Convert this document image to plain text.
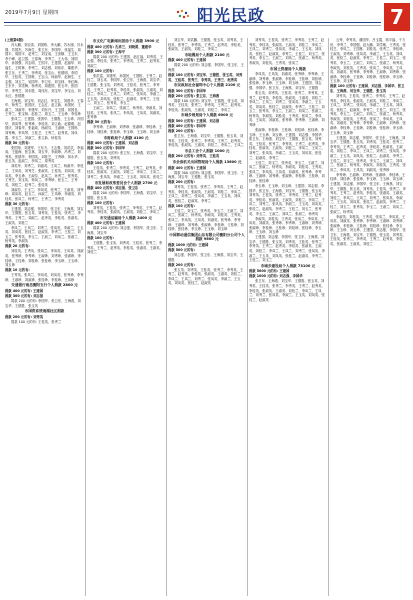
2019年7月9日 星期四	阳光民政	7

(上接第6版)

冯大鹏、刘臣喜、刘国栋、李大鹏、苏永刚、苏永强、苏国杰、苏海生、张卫东、李国华、张福生、周国平、周国平、赵秀兰、刘宝成、王喜顺、王卫东、李子峰、赵卫国、王春海、李秀兰、王大伟、刘国华、孙国强、冯志明、王国平、王建国、赵丽华、刘福生、王树林、李秀兰、刘志强、刘伟东、董建华、张卫东、王秀兰、李秀英、张宝山、张德明、李国华、王桂英、王国栋、王宝山、杨丽华、赵海生、王志强、刘玉兰、吴国华、李卫东、刘宝林、李红梅、王东升、刘雪梅、杨秀英、周建国、张玉华、张国华、李秀芝、刘永胜、周伟东、刘宝华、李宝山、刘永红、张德胜

王海燕、刘宝华、刘志红、李宝生、刘建华、王春华、杨秀兰、张国庆、王志红、赵立新、孙国民、王淑兰、刘淑华、李建华、刘东升、王卫国、刘国良、王秀兰、张宝林、赵桂兰、周玉兰、王玉珍、李桂珍

张凤兰、王建国、张国华、王德胜、王玉珍、冯国华、刘凤琴、张秀珍、李桂英、刘立新、赵德明、赵国庆、刘春华、张福成、杨淑芬、王淑珍、王国栋、刘秀梅、李凤琴、王桂芝、王秀兰、赵秀英、刘凤霞、李玉兰、刘淑兰、张立新、杨桂英

捐款 50 元的有:

张国荣、刘建军、王东方、王志强、刘洪武、李福成、王振海、张宝林、刘玉华、李淑珍、冯秀兰、刘秀英、张德华、李国英、刘桂芝、王秀珍、刘永华、张玉英、赵淑兰、李凤兰、周秀英

刘英华、刘秀兰、刘淑英、王凤兰、杨淑华、李桂兰、王凤英、刘秀芝、张淑英、王桂英、刘凤英、张凤英、李玉珍、王淑芬、赵凤兰、孙秀兰、张秀英、王秀芝、刘玉英、杨凤兰、李秀珍、张玉兰、王秀英、刘桂兰、赵秀兰、张桂英

刘淑芬、王玉兰、李凤英、张秀兰、王淑英、刘秀珍、周凤英、赵玉兰、孙淑兰、王凤珍、李淑英、刘桂英、张凤兰、杨秀兰、王秀兰、李秀英

捐款 30 元的有:

王建国、刘志强、李国华、张卫东、王海燕、刘宝华、王德胜、张玉英、刘秀英、王桂英、张秀兰、李秀英、王秀兰、刘淑兰、赵秀英、李桂英、张淑英、王淑英、刘桂兰

李凤兰、王凤兰、刘秀兰、张凤英、李淑兰、王玉英、刘凤英、张桂兰、赵淑英、李秀兰、王桂兰、刘玉兰、张秀英、李玉兰、王淑兰、刘凤兰、张淑兰、杨秀英、李淑英

捐款 20 元的有:

刘桂英、王秀英、张凤兰、李凤英、王凤英、刘淑英、张秀珍、李秀珍、王淑珍、刘秀珍、张淑珍、李桂珍、王桂珍、刘桂珍、张桂珍、李玉珍、王玉珍、刘玉珍

捐款 10 元的有:

王秀英、张凤兰、李凤英、刘凤英、张秀珍、李秀珍、王淑珍、刘淑珍、张桂珍、李桂珍、王凤珍

交通银行南岳衡阳支行个人捐款 2800 元

捐款 400 元的有: 王建国

捐款 300 元的有: 刘志强

捐款 200 元的有: 李国华、张卫东、王海燕、刘宝华、王德胜、张玉英

市国资系统南湖社区捐款

捐款 200 元的有: 刘秀英

捐款 100 元的有: 王桂英、张秀兰

市文化广电新闻出版局个人捐款 3900 元

捐款 400 元的有: 孔祥兰、刘晓勇、董建华

捐款 300 元的有: 王海平

捐款 200 元的有: 王建国、赵红福、刘秀英、王志强、李桂英、张秀兰、李秀英、王秀兰、赵秀英、刘淑兰

捐款 100 元的有:

张洪雷、刘建军、孙国民、王国栋、王秀兰、赵桂兰、刘玉英、李国华、张卫东、王海燕、刘宝华、王德胜、张玉英、刘秀英、王桂英、张秀兰、李秀英、王秀兰、赵秀英、李桂英、张淑英、王淑英、刘桂兰、李凤兰、王凤兰、刘秀兰、张凤英、李淑兰、王玉英、刘凤英、张桂兰、赵淑英、李秀兰、王桂兰、刘玉兰、张秀英、李玉兰

王淑兰、刘凤兰、张淑兰、杨秀英、李淑英、刘桂英、王秀英、张凤兰、李凤英、王凤英、刘淑英、张秀珍

捐款 50 元的有:

李秀珍、王淑珍、刘秀珍、张淑珍、李桂珍、王桂珍、刘桂珍、张桂珍、李玉珍、王玉珍、刘玉珍

市财政局个人捐款 4100 元

捐款 400 元的有: 王建国、刘志强

捐款 300 元的有: 李国华

捐款 200 元的有: 张卫东、王海燕、刘宝华、王德胜、张玉英、刘秀英

捐款 100 元的有:

王桂英、张秀兰、李秀英、王秀兰、赵秀英、李桂英、张淑英、王淑英、刘桂兰、李凤兰、王凤兰、刘秀兰、张凤英、李淑兰、王玉英、刘凤英、张桂兰

市发展和改革委员会个人捐款 2700 元

捐款 400 元的有: 刘志强、张卫东

捐款 200 元的有: 李国华、王海燕、刘宝华、王德胜、张玉英

捐款 100 元的有:

刘秀英、王桂英、张秀兰、李秀英、王秀兰、赵秀英、李桂英、张淑英、王淑英、刘桂兰、李凤兰

市交通运输局个人捐款 2400 元

捐款 400 元的有: 王建国

捐款 200 元的有: 刘志强、李国华、张卫东、王海燕、刘宝华

捐款 100 元的有:

王德胜、张玉英、刘秀英、王桂英、张秀兰、李秀英、王秀兰、赵秀英、李桂英、张淑英、王淑英、刘桂兰

刘宝华、刘武鹏、王德胜、张玉英、刘秀英、王桂英、张秀兰、李秀英、王秀兰、赵秀英、李桂英、张淑英、王淑英、刘桂兰、李凤兰

市地震局个人捐款 2100 元

捐款 400 元的有: 王建国

捐款 200 元的有: 刘志强、李国华、张卫东、王海燕

捐款 100 元的有: 刘宝华、王德胜、张玉英、刘秀英、王桂英、张秀兰、李秀英、王秀兰、赵秀英

市民政局社会福利中心个人捐款 2100 元

捐款 300 元的有: 李国华

捐款 200 元的有: 张卫东、王海燕

捐款 100 元的有: 刘宝华、王德胜、张玉英、刘秀英、王桂英、张秀兰、李秀英、王秀兰、赵秀英、李桂英、张淑英、王淑英、刘桂兰、李凤兰

市城乡规划局个人捐款 6000 元

捐款 500 元的有: 王建国、刘志强

捐款 400 元的有: 李国华

捐款 200 元的有:

张卫东、王海燕、刘宝华、王德胜、张玉英、刘秀英、王桂英、张秀兰、李秀英、王秀兰、赵秀英、李桂英、张淑英、王淑英、刘桂兰、李凤兰、王凤兰

市总工会个人捐款 1000 元

捐款 200 元的有: 刘秀英、王桂英

市会泉机关出国管理局个人捐款 13600 元

捐款 400 元的有: 王建国

捐款 300 元的有: 刘志强、李国华、张卫东、王海燕、刘宝华、王德胜、张玉英

捐款 200 元的有:

刘秀英、王桂英、张秀兰、李秀英、王秀兰、赵秀英、李桂英、张淑英、王淑英、刘桂兰、李凤兰、王凤兰、刘秀兰、张凤英、李淑兰、王玉英、刘凤英、张桂兰、赵淑英、李秀兰

捐款 100 元的有:

王桂兰、刘玉兰、张秀英、李玉兰、王淑兰、刘凤兰、张淑兰、杨秀英、李淑英、刘桂英、王秀英、张凤兰、李凤英、王凤英、刘淑英、张秀珍、李秀珍、王淑珍、刘秀珍、张淑珍、李桂珍、王桂珍、刘桂珍、张桂珍、李玉珍、王玉珍、刘玉珍

中国移动通信集团山东有限公司衡阳分公司个人捐款 9600 元

捐款 1000 元的有: 王建国

捐款 500 元的有:

刘志强、李国华、张卫东、王海燕、刘宝华、王德胜

捐款 200 元的有:

张玉英、刘秀英、王桂英、张秀兰、李秀英、王秀兰、赵秀英、李桂英、张淑英、王淑英、刘桂兰、李凤兰、王凤兰、刘秀兰、张凤英、李淑兰、王玉英、刘凤英、张桂兰、赵淑英

刘秀英、王桂英、张秀兰、李秀英、王秀兰、赵秀英、李桂英、张淑英、王淑英、刘桂兰、李凤兰、王凤兰、刘秀兰、张凤英、李淑兰、王玉英、刘凤英、张桂兰、赵淑英、李秀兰、王桂兰、刘玉兰、张秀英、李玉兰、王淑兰、刘凤兰、张淑兰、杨秀英、李淑英、刘桂英、王秀英、张凤兰

市国土资源局个人捐款

李凤英、王凤英、刘淑英、张秀珍、李秀珍、王淑珍、刘秀珍、张淑珍、李桂珍、王桂珍、刘桂珍、张桂珍、李玉珍、王玉珍、刘玉珍、王建国、刘志强、李国华、张卫东、王海燕、刘宝华、王德胜

张玉英、刘秀英、王桂英、张秀兰、李秀英、王秀兰、赵秀英、李桂英、张淑英、王淑英、刘桂兰、李凤兰、王凤兰、刘秀兰、张凤英、李淑兰、王玉英、刘凤英、张桂兰、赵淑英、李秀兰、王桂兰、刘玉兰、张秀英、李玉兰、王淑兰、刘凤兰、张淑兰、杨秀英、李淑英、刘桂英、王秀英、张凤兰、李凤英、王凤英、刘淑英、张秀珍、李秀珍、王淑珍、刘秀珍

张淑珍、李桂珍、王桂珍、刘桂珍、张桂珍、李玉珍、王玉珍、刘玉珍、王建国、刘志强、李国华、张卫东、王海燕、刘宝华、王德胜、张玉英、刘秀英、王桂英、张秀兰、李秀英、王秀兰、赵秀英、李桂英、张淑英、王淑英、刘桂兰、李凤兰、王凤兰、刘秀兰、张凤英、李淑兰、王玉英、刘凤英、张桂兰、赵淑英、李秀兰

王桂兰、刘玉兰、张秀英、李玉兰、王淑兰、刘凤兰、张淑兰、杨秀英、李淑英、刘桂英、王秀英、张凤兰、李凤英、王凤英、刘淑英、张秀珍、李秀珍、王淑珍、刘秀珍、张淑珍、李桂珍、王桂珍、刘桂珍、张桂珍

李玉珍、王玉珍、刘玉珍、王建国、刘志强、李国华、张卫东、王海燕、刘宝华、王德胜、张玉英、刘秀英、王桂英、张秀兰、李秀英、王秀兰、赵秀英、李桂英、张淑英、王淑英、刘桂兰、李凤兰、王凤兰、刘秀兰、张凤英、李淑兰、王玉英、刘凤英、张桂兰、赵淑英、李秀兰、王桂兰、刘玉兰、张秀英、李玉兰、王淑兰、刘凤兰、张淑兰、杨秀英

李淑英、刘桂英、王秀英、张凤兰、李凤英、王凤英、刘淑英、张秀珍、李秀珍、王淑珍、刘秀珍、张淑珍、李桂珍、王桂珍、刘桂珍、张桂珍、李玉珍、王玉珍、刘玉珍

王建国、刘志强、李国华、张卫东、王海燕、刘宝华、王德胜、张玉英、刘秀英、王桂英、张秀兰、李秀英、王秀兰、赵秀英、李桂英、张淑英、王淑英、刘桂兰、李凤兰、王凤兰、刘秀兰、张凤英、李淑兰、王玉英、刘凤英、张桂兰、赵淑英、李秀兰、王桂兰、刘玉兰

市城乡建设局个人捐款 73100 元

捐款 5000 元的有: 王建国

捐款 1000 元的有: 刘志强、李国华

张卫东、王海燕、刘宝华、王德胜、张玉英、刘秀英、王桂英、张秀兰、李秀英、王秀兰、赵秀英、李桂英、张淑英、王淑英、刘桂兰、李凤兰、王凤兰、刘秀兰、张凤英、李淑兰、王玉英、刘凤英、张桂兰、赵淑英

云秀、李秀英、谢国华、吕玉霞、郭平福、于力世、李秀兰、李国强、赵大鹏、刘学敏、王秀英、张桂芝、李凤兰、王国栋、刘桂英、张秀兰、李桂珍、王淑英、刘秀珍、张凤英、李淑兰、王玉英、刘凤英、张桂兰、赵淑英、李秀兰、王桂兰、刘玉兰、张秀英、李玉兰、王淑兰、刘凤兰、张淑兰、杨秀英、李淑英、刘桂英、王秀英、张凤兰、李凤英、王凤英、刘淑英、张秀珍、李秀珍、王淑珍、刘秀珍、张淑珍、李桂珍、王桂珍、刘桂珍、张桂珍、李玉珍、王玉珍、刘玉珍

捐款 100 元的有: 王建国、刘志强、李国华、张卫东、王海燕、刘宝华、王德胜、张玉英

刘秀英、王桂英、张秀兰、李秀英、王秀兰、赵秀英、李桂英、张淑英、王淑英、刘桂兰、李凤兰、王凤兰、刘秀兰、张凤英、李淑兰、王玉英、刘凤英、张桂兰、赵淑英、李秀兰、王桂兰、刘玉兰、张秀英、李玉兰、王淑兰、刘凤兰、张淑兰、杨秀英、李淑英、刘桂英、王秀英、张凤兰、李凤英、王凤英、刘淑英、张秀珍、李秀珍、王淑珍、刘秀珍、张淑珍、李桂珍、王桂珍、刘桂珍、张桂珍、李玉珍、王玉珍、刘玉珍

王建国、刘志强、李国华、张卫东、王海燕、刘宝华、王德胜、张玉英、刘秀英、王桂英、张秀兰、李秀英、王秀兰、赵秀英、李桂英、张淑英、王淑英、刘桂兰、李凤兰、王凤兰、刘秀兰、张凤英、李淑兰、王玉英、刘凤英、张桂兰、赵淑英、李秀兰、王桂兰、刘玉兰、张秀英、李玉兰、王淑兰、刘凤兰、张淑兰、杨秀英、李淑英、刘桂英、王秀英、张凤兰、李凤英、王凤英、刘淑英、张秀珍

李秀珍、王淑珍、刘秀珍、张淑珍、李桂珍、王桂珍、刘桂珍、张桂珍、李玉珍、王玉珍、刘玉珍、王建国、刘志强、李国华、张卫东、王海燕、刘宝华、王德胜、张玉英、刘秀英、王桂英、张秀兰、李秀英、王秀兰、赵秀英、李桂英、张淑英、王淑英、刘桂兰、李凤兰、王凤兰、刘秀兰、张凤英、李淑兰、王玉英、刘凤英、张桂兰、赵淑英、李秀兰、王桂兰、刘玉兰、张秀英、李玉兰、王淑兰、刘凤兰、张淑兰、杨秀英

李淑英、刘桂英、王秀英、张凤兰、李凤英、王凤英、刘淑英、张秀珍、李秀珍、王淑珍、刘秀珍、张淑珍、李桂珍、王桂珍、刘桂珍、张桂珍、李玉珍、王玉珍、刘玉珍、王建国、刘志强、李国华、张卫东、王海燕、刘宝华、王德胜、张玉英、刘秀英、王桂英、张秀兰、李秀英、王秀兰、赵秀英、李桂英、张淑英、王淑英、刘桂兰
